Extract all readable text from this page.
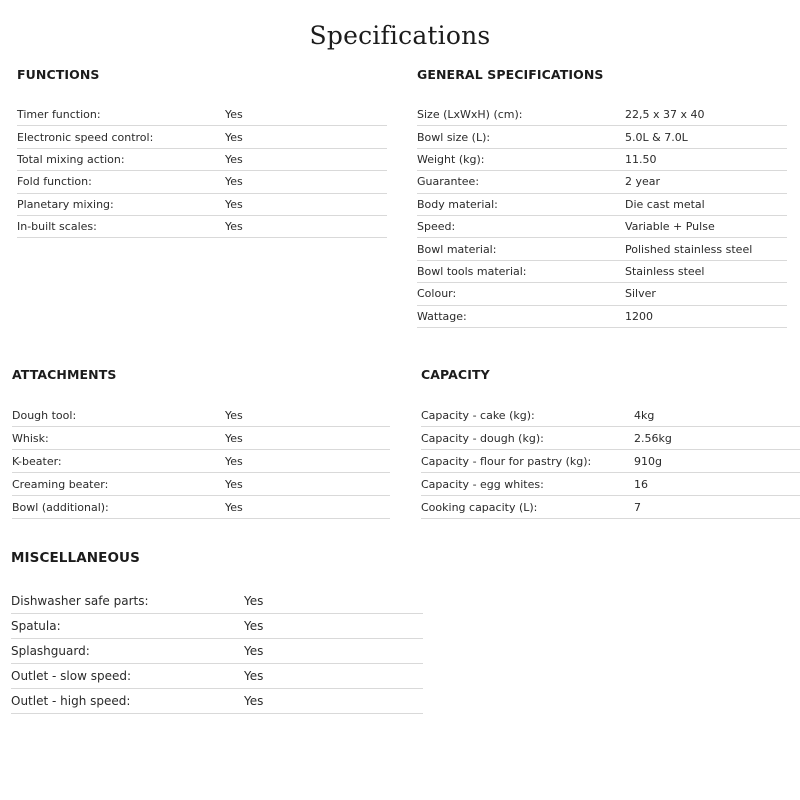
Specifications
FUNCTIONS
Timer function:	Yes
Electronic speed control:	Yes
Total mixing action:	Yes
Fold function:	Yes
Planetary mixing:	Yes
In-built scales:	Yes
GENERAL SPECIFICATIONS
Size (LxWxH) (cm):	22,5 x 37 x 40
Bowl size (L):	5.0L & 7.0L
Weight (kg):	11.50
Guarantee:	2 year
Body material:	Die cast metal
Speed:	Variable + Pulse
Bowl material:	Polished stainless steel
Bowl tools material:	Stainless steel
Colour:	Silver
Wattage:	1200
ATTACHMENTS
Dough tool:	Yes
Whisk:	Yes
K-beater:	Yes
Creaming beater:	Yes
Bowl (additional):	Yes
CAPACITY
Capacity - cake (kg):	4kg
Capacity - dough (kg):	2.56kg
Capacity - flour for pastry (kg):	910g
Capacity - egg whites:	16
Cooking capacity (L):	7
MISCELLANEOUS
Dishwasher safe parts:	Yes
Spatula:	Yes
Splashguard:	Yes
Outlet - slow speed:	Yes
Outlet - high speed:	Yes
